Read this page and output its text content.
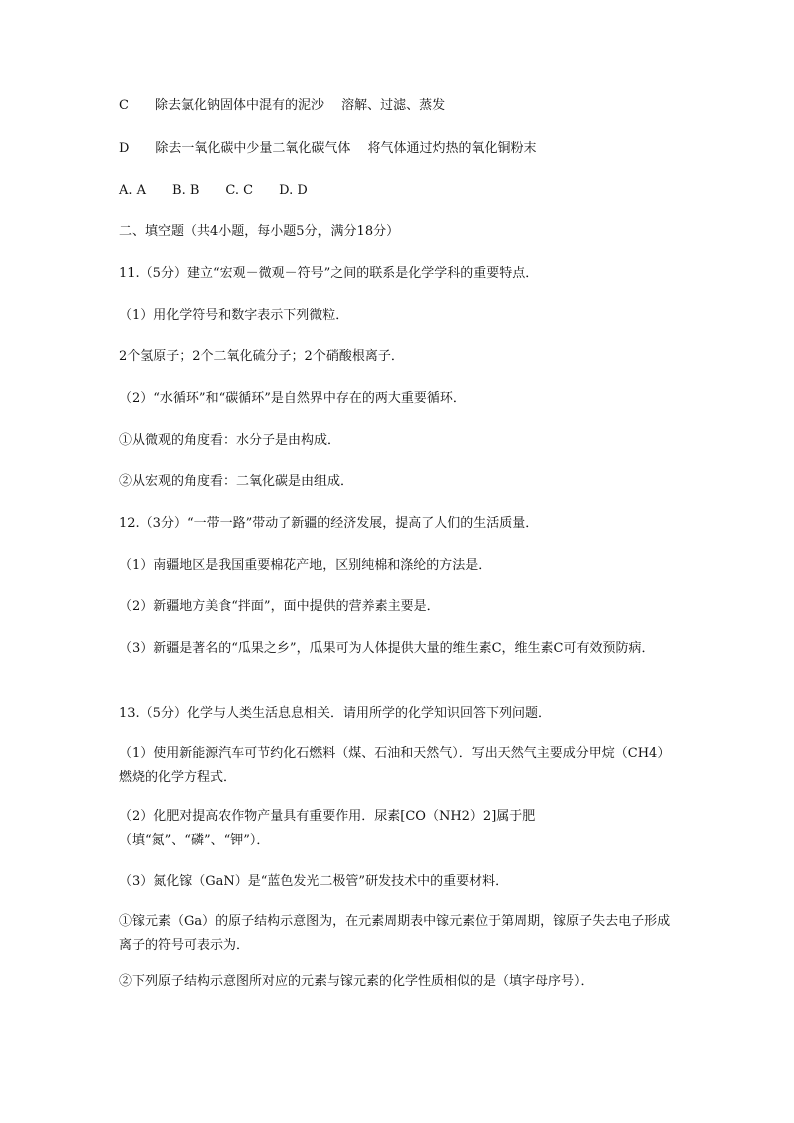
C　　除去氯化钠固体中混有的泥沙　 溶解、过滤、蒸发
D　　除去一氧化碳中少量二氧化碳气体　 将气体通过灼热的氧化铜粉末
A. A　　B. B　　C. C　　D. D
二、填空题（共4小题，每小题5分，满分18分）
11.（5分）建立“宏观－微观－符号”之间的联系是化学学科的重要特点．
（1）用化学符号和数字表示下列微粒．
2个氢原子；2个二氧化硫分子；2个硝酸根离子．
（2）“水循环”和“碳循环”是自然界中存在的两大重要循环．
①从微观的角度看：水分子是由构成．
②从宏观的角度看：二氧化碳是由组成．
12.（3分）“一带一路”带动了新疆的经济发展，提高了人们的生活质量．
（1）南疆地区是我国重要棉花产地，区别纯棉和涤纶的方法是．
（2）新疆地方美食“拌面”，面中提供的营养素主要是．
（3）新疆是著名的“瓜果之乡”，瓜果可为人体提供大量的维生素C，维生素C可有效预防病．
13.（5分）化学与人类生活息息相关．请用所学的化学知识回答下列问题．
（1）使用新能源汽车可节约化石燃料（煤、石油和天然气）．写出天然气主要成分甲烷（CH4）燃烧的化学方程式．
（2）化肥对提高农作物产量具有重要作用．尿素[CO（NH2）2]属于肥（填“氮”、“磷”、“钾”）．
（3）氮化镓（GaN）是“蓝色发光二极管”研发技术中的重要材料．
①镓元素（Ga）的原子结构示意图为，在元素周期表中镓元素位于第周期，镓原子失去电子形成离子的符号可表示为．
②下列原子结构示意图所对应的元素与镓元素的化学性质相似的是（填字母序号）．
